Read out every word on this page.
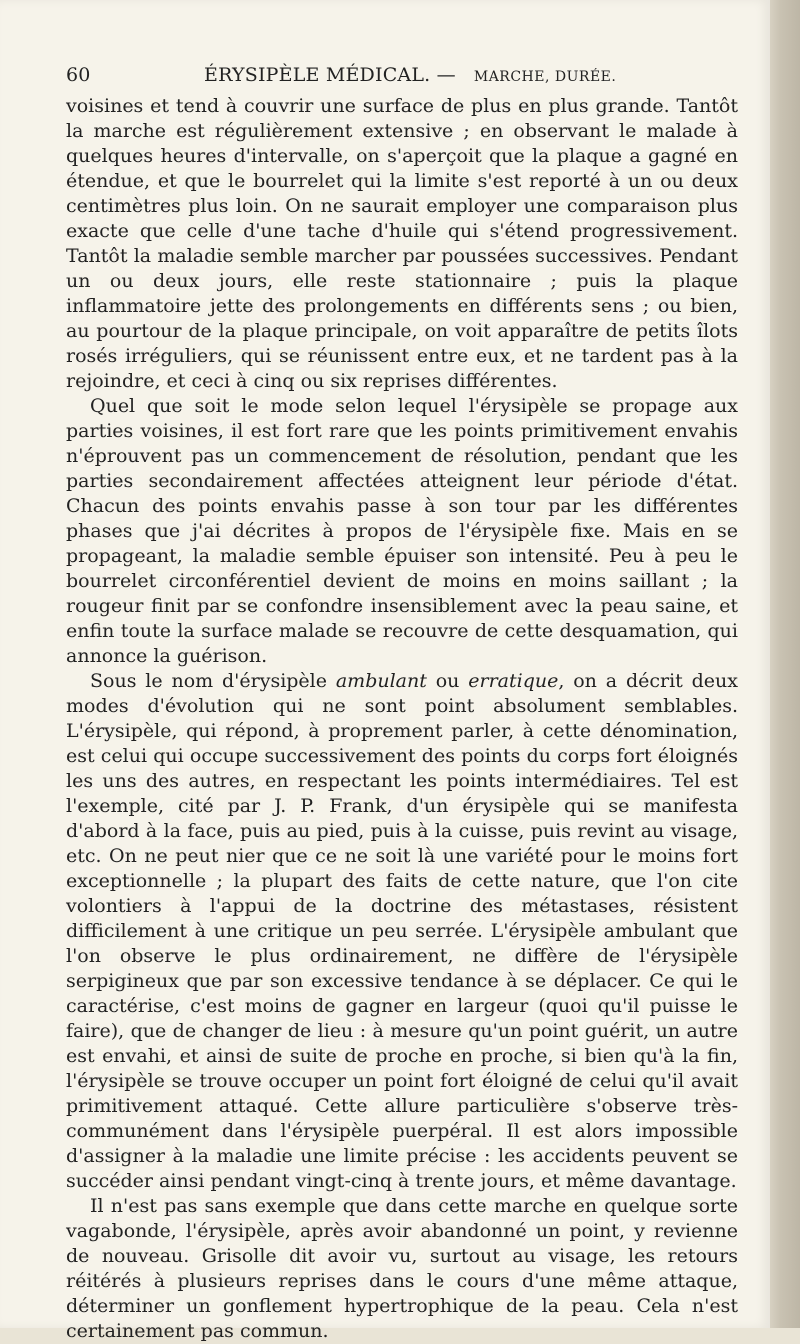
60	ÉRYSIPÈLE MÉDICAL. — MARCHE, DURÉE.

voisines et tend à couvrir une surface de plus en plus grande. Tantôt la marche est régulièrement extensive ; en observant le malade à quelques heures d'intervalle, on s'aperçoit que la plaque a gagné en étendue, et que le bourrelet qui la limite s'est reporté à un ou deux centimètres plus loin. On ne saurait employer une comparaison plus exacte que celle d'une tache d'huile qui s'étend progressivement. Tantôt la maladie semble marcher par poussées successives. Pendant un ou deux jours, elle reste stationnaire ; puis la plaque inflammatoire jette des prolongements en différents sens ; ou bien, au pourtour de la plaque principale, on voit apparaître de petits îlots rosés irréguliers, qui se réunissent entre eux, et ne tardent pas à la rejoindre, et ceci à cinq ou six reprises différentes.

Quel que soit le mode selon lequel l'érysipèle se propage aux parties voisines, il est fort rare que les points primitivement envahis n'éprouvent pas un commencement de résolution, pendant que les parties secondairement affectées atteignent leur période d'état. Chacun des points envahis passe à son tour par les différentes phases que j'ai décrites à propos de l'érysipèle fixe. Mais en se propageant, la maladie semble épuiser son intensité. Peu à peu le bourrelet circonférentiel devient de moins en moins saillant ; la rougeur finit par se confondre insensiblement avec la peau saine, et enfin toute la surface malade se recouvre de cette desquamation, qui annonce la guérison.

Sous le nom d'érysipèle ambulant ou erratique, on a décrit deux modes d'évolution qui ne sont point absolument semblables. L'érysipèle, qui répond, à proprement parler, à cette dénomination, est celui qui occupe successivement des points du corps fort éloignés les uns des autres, en respectant les points intermédiaires. Tel est l'exemple, cité par J. P. Frank, d'un érysipèle qui se manifesta d'abord à la face, puis au pied, puis à la cuisse, puis revint au visage, etc. On ne peut nier que ce ne soit là une variété pour le moins fort exceptionnelle ; la plupart des faits de cette nature, que l'on cite volontiers à l'appui de la doctrine des métastases, résistent difficilement à une critique un peu serrée. L'érysipèle ambulant que l'on observe le plus ordinairement, ne diffère de l'érysipèle serpigineux que par son excessive tendance à se déplacer. Ce qui le caractérise, c'est moins de gagner en largeur (quoi qu'il puisse le faire), que de changer de lieu : à mesure qu'un point guérit, un autre est envahi, et ainsi de suite de proche en proche, si bien qu'à la fin, l'érysipèle se trouve occuper un point fort éloigné de celui qu'il avait primitivement attaqué. Cette allure particulière s'observe très-communément dans l'érysipèle puerpéral. Il est alors impossible d'assigner à la maladie une limite précise : les accidents peuvent se succéder ainsi pendant vingt-cinq à trente jours, et même davantage.

Il n'est pas sans exemple que dans cette marche en quelque sorte vagabonde, l'érysipèle, après avoir abandonné un point, y revienne de nouveau. Grisolle dit avoir vu, surtout au visage, les retours réitérés à plusieurs reprises dans le cours d'une même attaque, déterminer un gonflement hypertrophique de la peau. Cela n'est certainement pas commun.
